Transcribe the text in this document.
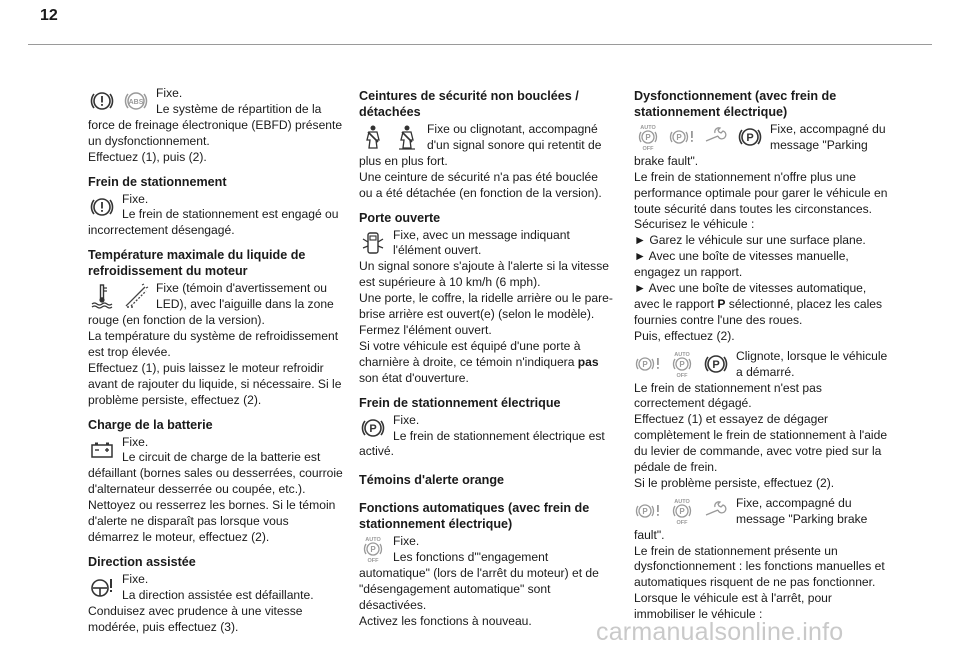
12
ABS
Fixe.
Le système de répartition de la force de freinage électronique (EBFD) présente un dysfonctionnement.
Effectuez (1), puis (2).
Frein de stationnement
Fixe.
Le frein de stationnement est engagé ou incorrectement désengagé.
Température maximale du liquide de refroidissement du moteur
Fixe (témoin d'avertissement ou LED), avec l'aiguille dans la zone rouge (en fonction de la version).
La température du système de refroidissement est trop élevée.
Effectuez (1), puis laissez le moteur refroidir avant de rajouter du liquide, si nécessaire. Si le problème persiste, effectuez (2).
Charge de la batterie
Fixe.
Le circuit de charge de la batterie est défaillant (bornes sales ou desserrées, courroie d'alternateur desserrée ou coupée, etc.).
Nettoyez ou resserrez les bornes. Si le témoin d'alerte ne disparaît pas lorsque vous démarrez le moteur, effectuez (2).
Direction assistée
Fixe.
La direction assistée est défaillante.
Conduisez avec prudence à une vitesse modérée, puis effectuez (3).
Ceintures de sécurité non bouclées / détachées
Fixe ou clignotant, accompagné d'un signal sonore qui retentit de plus en plus fort.
Une ceinture de sécurité n'a pas été bouclée ou a été détachée (en fonction de la version).
Porte ouverte
Fixe, avec un message indiquant l'élément ouvert.
Un signal sonore s'ajoute à l'alerte si la vitesse est supérieure à 10 km/h (6 mph).
Une porte, le coffre, la ridelle arrière ou le pare-brise arrière est ouvert(e) (selon le modèle).
Fermez l'élément ouvert.
Si votre véhicule est équipé d'une porte à charnière à droite, ce témoin n'indiquera pas son état d'ouverture.
Frein de stationnement électrique
P
Fixe.
Le frein de stationnement électrique est activé.
Témoins d'alerte orange
Fonctions automatiques (avec frein de stationnement électrique)
AUTO
P
OFF
Fixe.
Les fonctions d'"engagement automatique" (lors de l'arrêt du moteur) et de "désengagement automatique" sont désactivées.
Activez les fonctions à nouveau.
Dysfonctionnement (avec frein de stationnement électrique)
AUTO
P
OFF
P	P
Fixe, accompagné du message "Parking brake fault".
Le frein de stationnement n'offre plus une performance optimale pour garer le véhicule en toute sécurité dans toutes les circonstances.
Sécurisez le véhicule :
► Garez le véhicule sur une surface plane.
► Avec une boîte de vitesses manuelle, engagez un rapport.
► Avec une boîte de vitesses automatique, avec le rapport P sélectionné, placez les cales fournies contre l'une des roues.
Puis, effectuez (2).
P
AUTO
P
OFF
P
Clignote, lorsque le véhicule a démarré.
Le frein de stationnement n'est pas correctement dégagé.
Effectuez (1) et essayez de dégager complètement le frein de stationnement à l'aide du levier de commande, avec votre pied sur la pédale de frein.
Si le problème persiste, effectuez (2).
P
AUTO
P
OFF
Fixe, accompagné du message "Parking brake fault".
Le frein de stationnement présente un dysfonctionnement : les fonctions manuelles et automatiques risquent de ne pas fonctionner.
Lorsque le véhicule est à l'arrêt, pour immobiliser le véhicule :
carmanualsonline.info
